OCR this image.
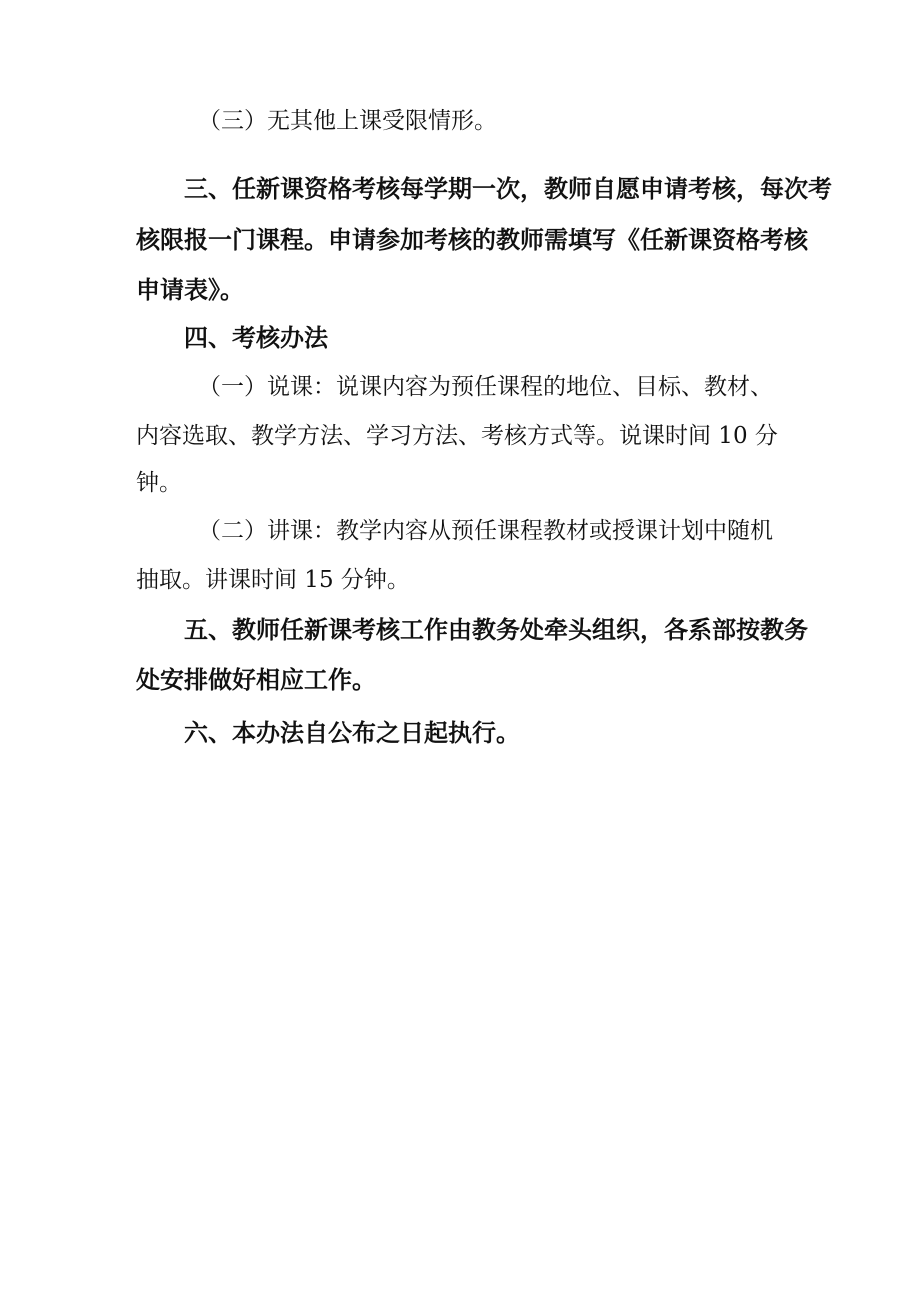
（三）无其他上课受限情形。
三、任新课资格考核每学期一次，教师自愿申请考核，每次考
核限报一门课程。申请参加考核的教师需填写《任新课资格考核
申请表》。
四、考核办法
（一）说课：说课内容为预任课程的地位、目标、教材、
内容选取、教学方法、学习方法、考核方式等。说课时间 10 分
钟。
（二）讲课：教学内容从预任课程教材或授课计划中随机
抽取。讲课时间 15 分钟。
五、教师任新课考核工作由教务处牵头组织，各系部按教务
处安排做好相应工作。
六、本办法自公布之日起执行。
